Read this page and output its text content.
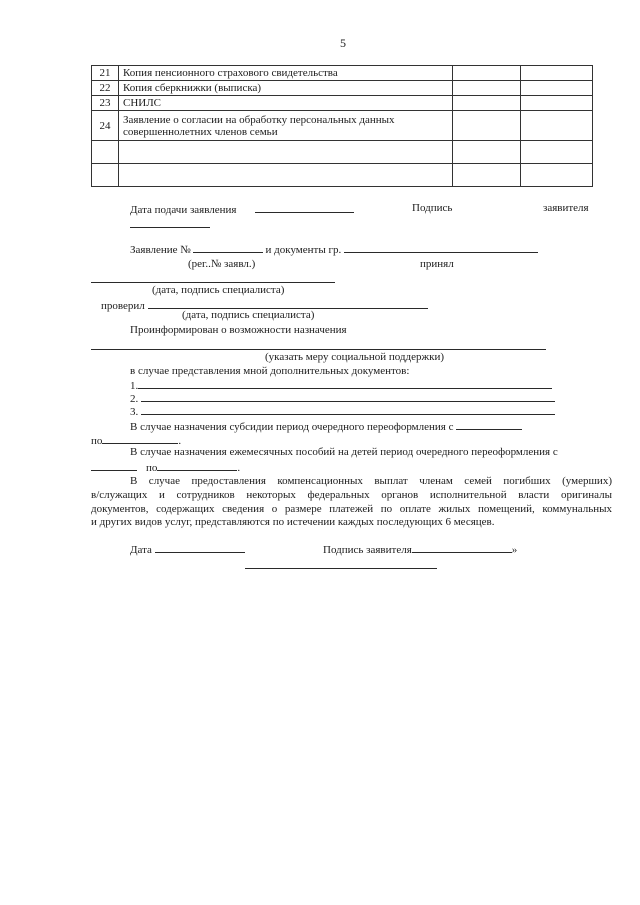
5
21	Копия пенсионного страхового свидетельства		
22	Копия сберкнижки (выписка)		
23	СНИЛС		
24	Заявление о согласии на обработку персональных данных
совершеннолетних членов семьи		

Дата подачи заявления	Подпись	заявителя
Заявление №	и документы гр.
(рег..№ заявл.)	принял
(дата, подпись специалиста)
проверил
(дата, подпись специалиста)
Проинформирован о возможности назначения
(указать меру социальной поддержки)
в случае представления мной дополнительных документов:
1.
2.
3.
В случае назначения субсидии период очередного переоформления с
по	.
В случае назначения ежемесячных пособий на детей период очередного переоформления с
по	.
В случае предоставления компенсационных выплат членам семей погибших (умерших)
в/служащих и сотрудников некоторых федеральных органов исполнительной власти оригиналы
документов, содержащих сведения о размере платежей по оплате жилых помещений, коммунальных
и других видов услуг, представляются по истечении каждых последующих 6 месяцев.
Дата	Подпись заявителя	»
